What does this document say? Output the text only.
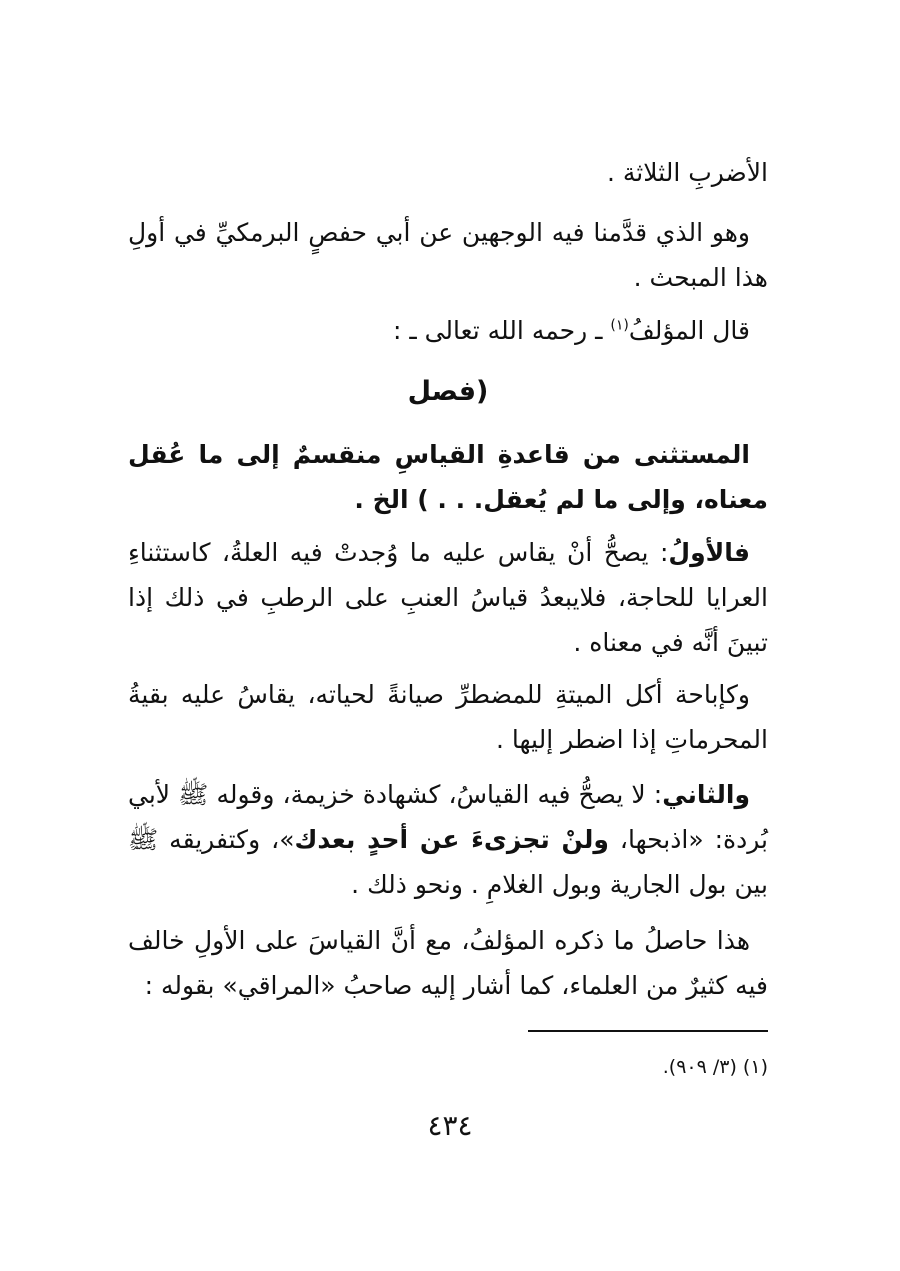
الأضربِ الثلاثة .
وهو الذي قدَّمنا فيه الوجهين عن أبي حفصٍ البرمكيِّ في أولِ هذا المبحث .
قال المؤلفُ$^{(١)}$ ـ رحمه الله تعالى ـ :
(فصل
المستثنى من قاعدةِ القياسِ منقسمٌ إلى ما عُقل معناه، وإلى ما لم يُعقل. . . ) الخ .
فالأولُ: يصحُّ أنْ يقاس عليه ما وُجدتْ فيه العلةُ، كاستثناءِ العرايا للحاجة، فلايبعدُ قياسُ العنبِ على الرطبِ في ذلك إذا تبينَ أنَّه في معناه .
وكإباحة أكل الميتةِ للمضطرِّ صيانةً لحياته، يقاسُ عليه بقيةُ المحرماتِ إذا اضطر إليها .
والثاني: لا يصحُّ فيه القياسُ، كشهادة خزيمة، وقوله ﷺ لأبي بُردة: «اذبحها، ولنْ تجزىءَ عن أحدٍ بعدك»، وكتفريقه ﷺ بين بول الجارية وبول الغلامِ . ونحو ذلك .
هذا حاصلُ ما ذكره المؤلفُ، مع أنَّ القياسَ على الأولِ خالف فيه كثيرٌ من العلماء، كما أشار إليه صاحبُ «المراقي» بقوله :
(١) (٣/ ٩٠٩).
٤٣٤
